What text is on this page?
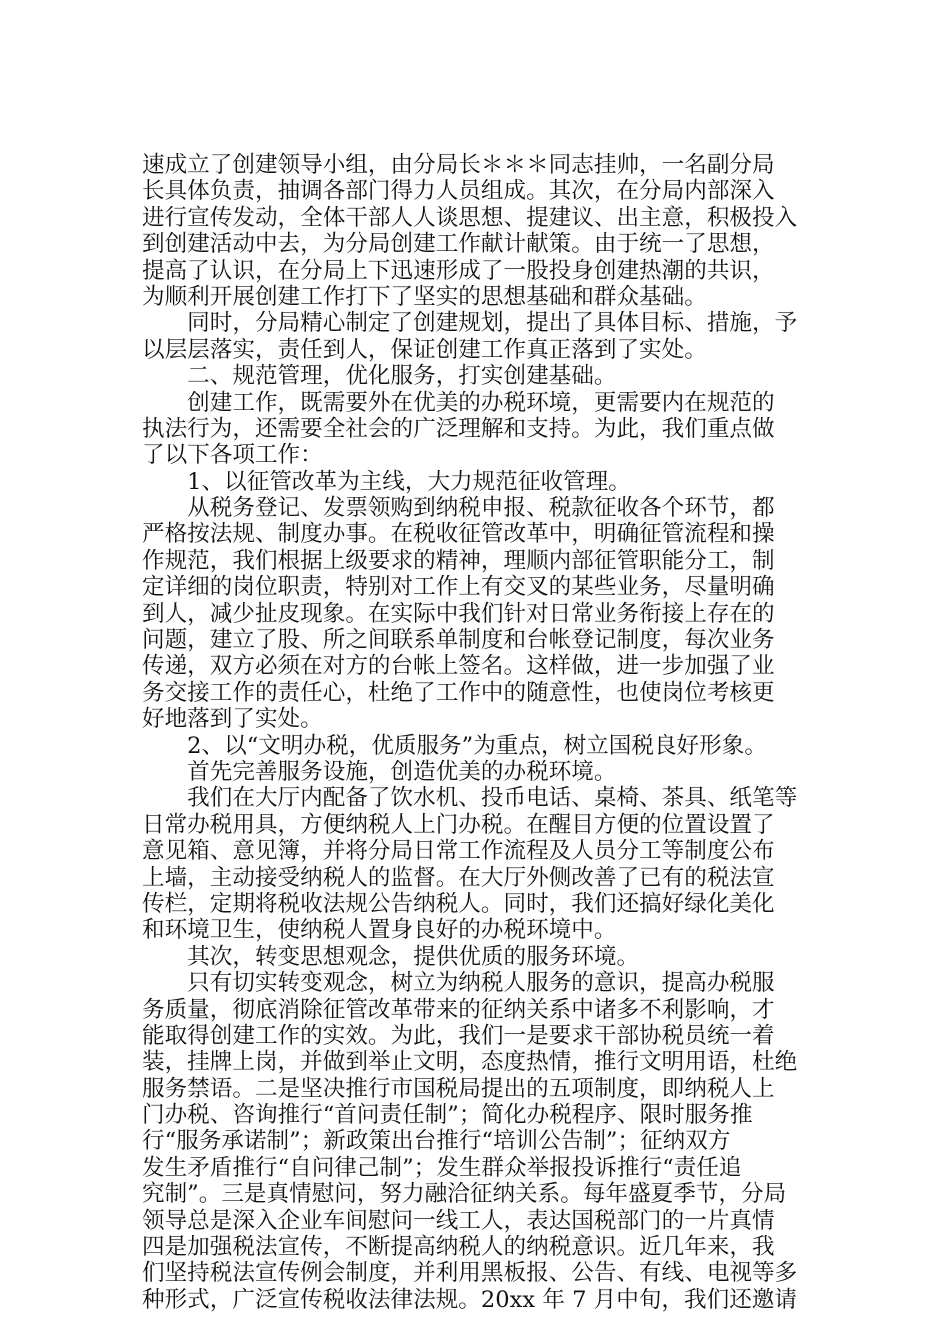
速成立了创建领导小组，由分局长＊＊＊同志挂帅，一名副分局
长具体负责，抽调各部门得力人员组成。其次，在分局内部深入
进行宣传发动，全体干部人人谈思想、提建议、出主意，积极投入
到创建活动中去，为分局创建工作献计献策。由于统一了思想，
提高了认识，在分局上下迅速形成了一股投身创建热潮的共识，
为顺利开展创建工作打下了坚实的思想基础和群众基础。
　　同时，分局精心制定了创建规划，提出了具体目标、措施，予
以层层落实，责任到人，保证创建工作真正落到了实处。
　　二、规范管理，优化服务，打实创建基础。
　　创建工作，既需要外在优美的办税环境，更需要内在规范的
执法行为，还需要全社会的广泛理解和支持。为此，我们重点做
了以下各项工作：
　　1、以征管改革为主线，大力规范征收管理。
　　从税务登记、发票领购到纳税申报、税款征收各个环节，都
严格按法规、制度办事。在税收征管改革中，明确征管流程和操
作规范，我们根据上级要求的精神，理顺内部征管职能分工，制
定详细的岗位职责，特别对工作上有交叉的某些业务，尽量明确
到人，减少扯皮现象。在实际中我们针对日常业务衔接上存在的
问题，建立了股、所之间联系单制度和台帐登记制度，每次业务
传递，双方必须在对方的台帐上签名。这样做，进一步加强了业
务交接工作的责任心，杜绝了工作中的随意性，也使岗位考核更
好地落到了实处。
　　2、以“文明办税，优质服务”为重点，树立国税良好形象。
　　首先完善服务设施，创造优美的办税环境。
　　我们在大厅内配备了饮水机、投币电话、桌椅、茶具、纸笔等
日常办税用具，方便纳税人上门办税。在醒目方便的位置设置了
意见箱、意见簿，并将分局日常工作流程及人员分工等制度公布
上墙，主动接受纳税人的监督。在大厅外侧改善了已有的税法宣
传栏，定期将税收法规公告纳税人。同时，我们还搞好绿化美化
和环境卫生，使纳税人置身良好的办税环境中。
　　其次，转变思想观念，提供优质的服务环境。
　　只有切实转变观念，树立为纳税人服务的意识，提高办税服
务质量，彻底消除征管改革带来的征纳关系中诸多不利影响，才
能取得创建工作的实效。为此，我们一是要求干部协税员统一着
装，挂牌上岗，并做到举止文明，态度热情，推行文明用语，杜绝
服务禁语。二是坚决推行市国税局提出的五项制度，即纳税人上
门办税、咨询推行“首问责任制”；简化办税程序、限时服务推
行“服务承诺制”；新政策出台推行“培训公告制”；征纳双方
发生矛盾推行“自问律己制”；发生群众举报投诉推行“责任追
究制”。三是真情慰问，努力融洽征纳关系。每年盛夏季节，分局
领导总是深入企业车间慰问一线工人，表达国税部门的一片真情
四是加强税法宣传，不断提高纳税人的纳税意识。近几年来，我
们坚持税法宣传例会制度，并利用黑板报、公告、有线、电视等多
种形式，广泛宣传税收法律法规。20xx 年 7 月中旬，我们还邀请
